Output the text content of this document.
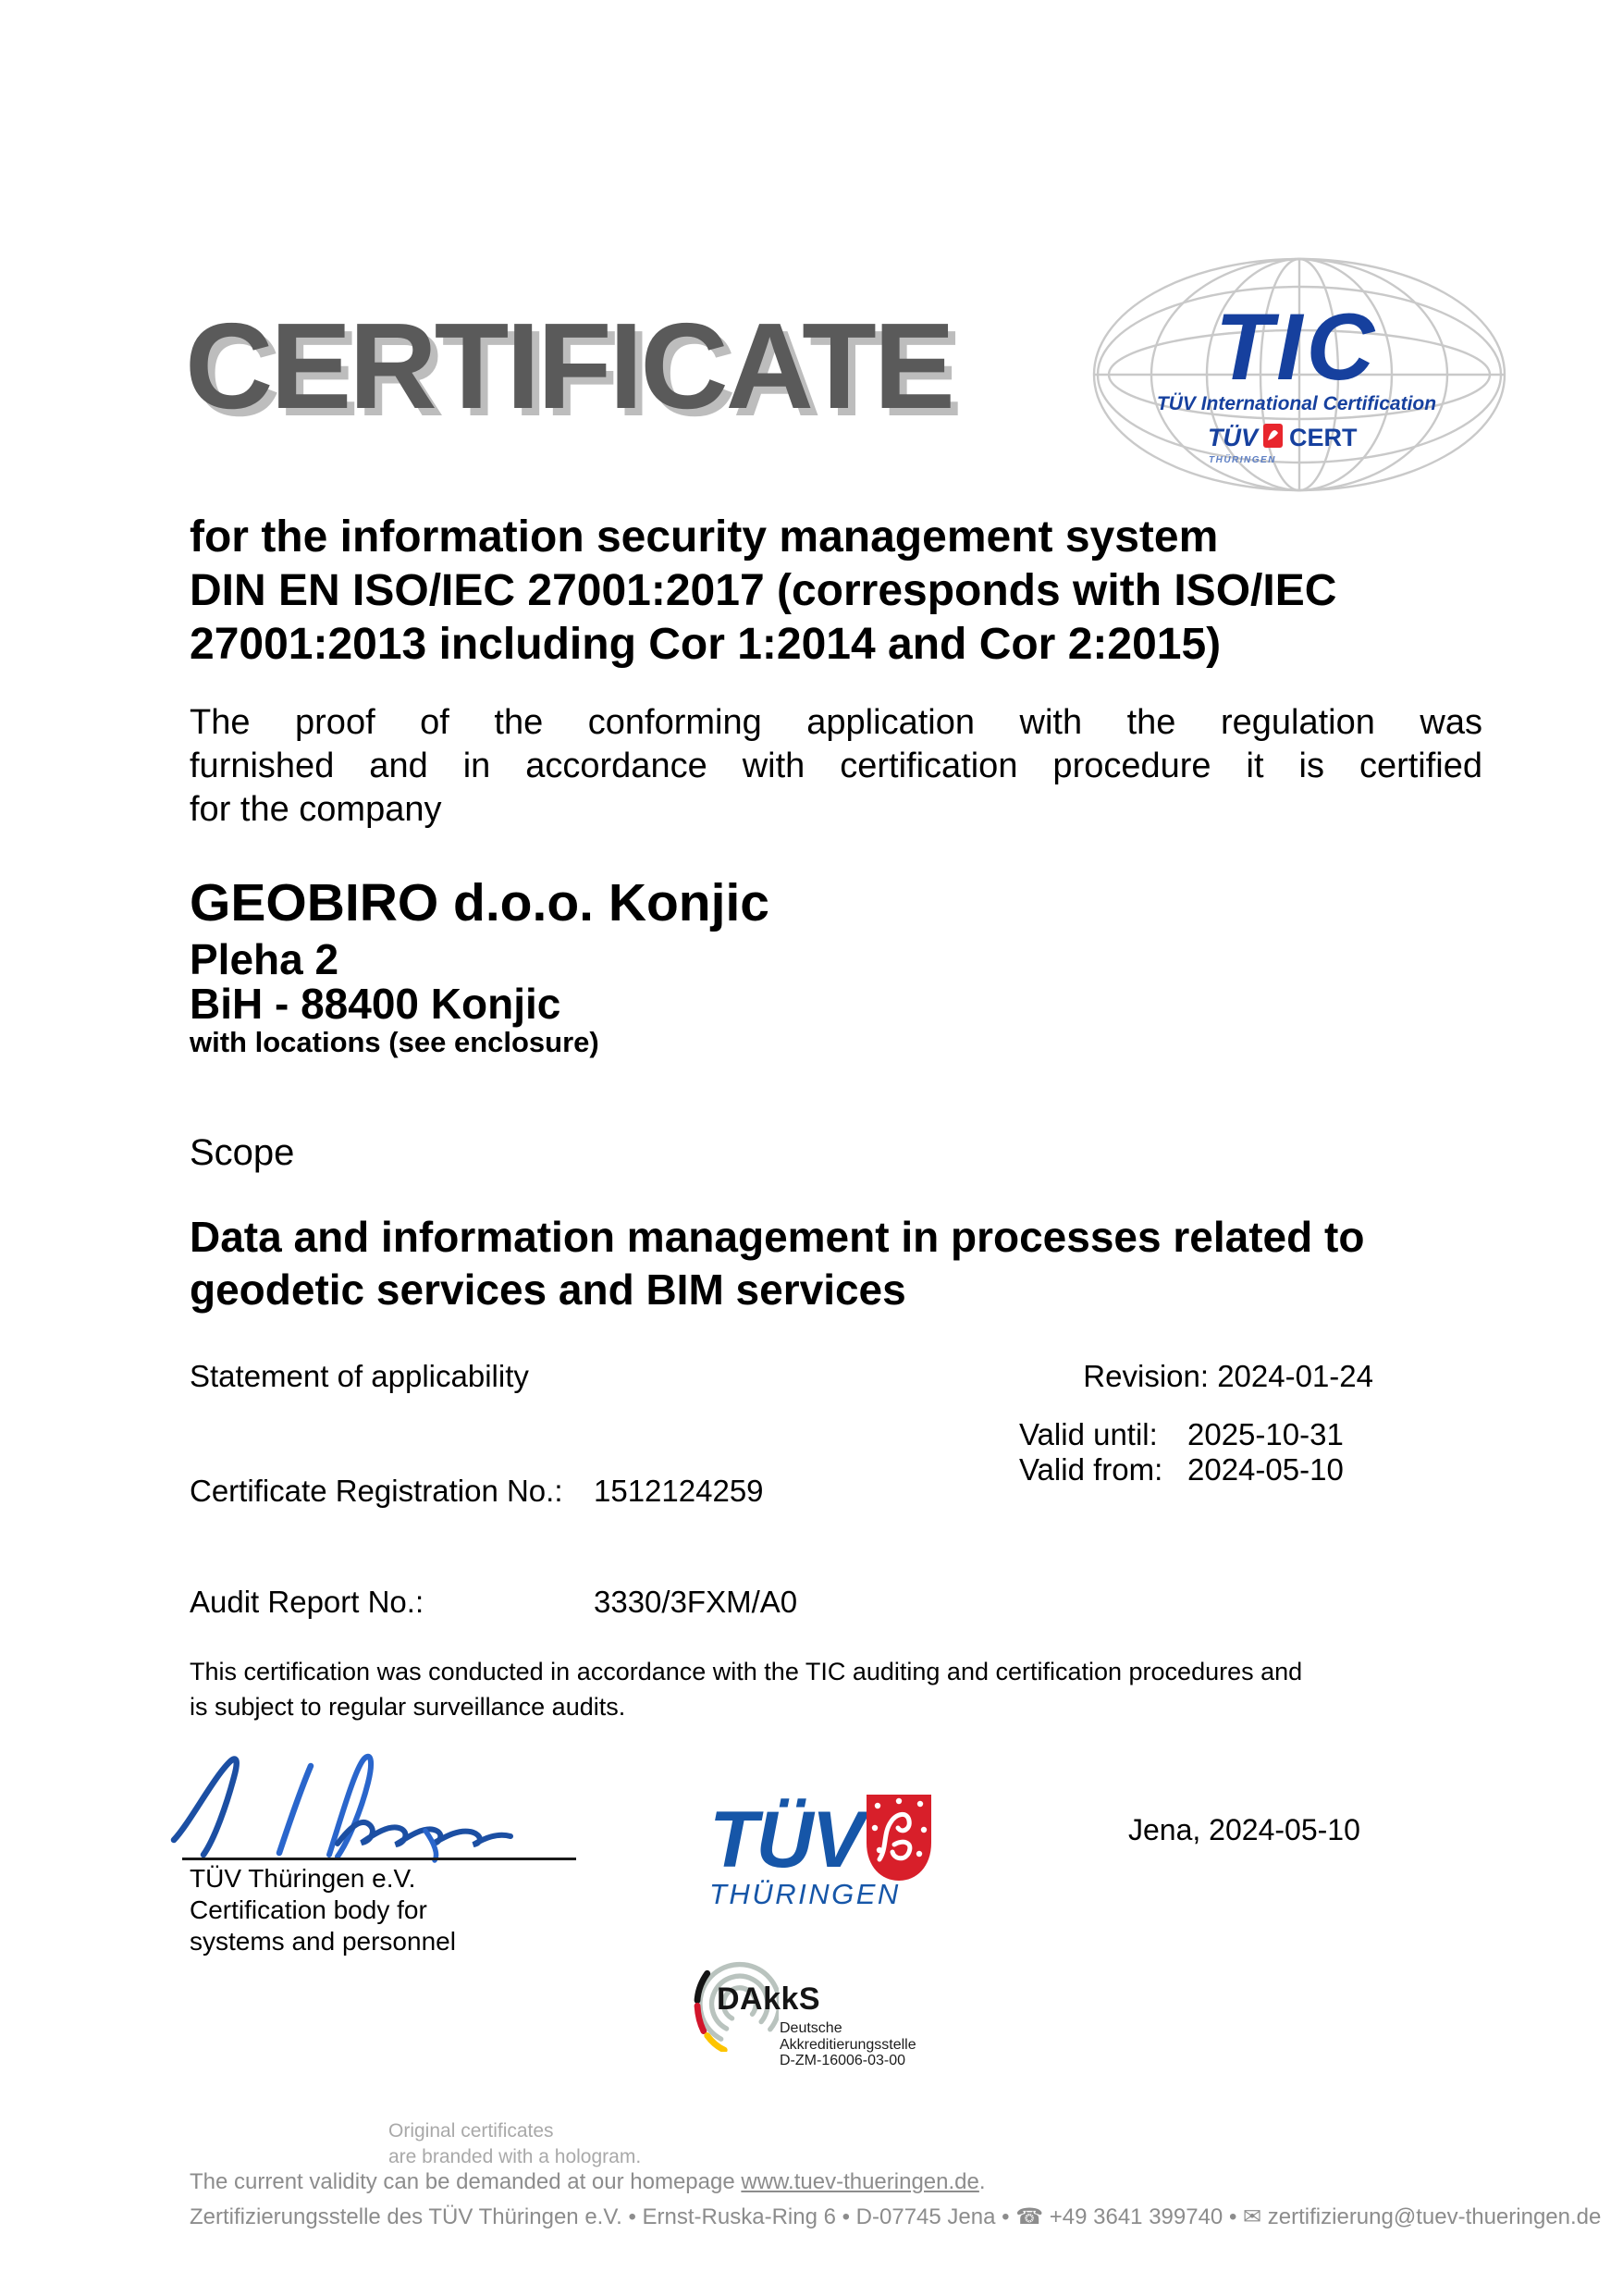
CERTIFICATE	TIC
TÜV International Certification
TÜV CERT
THÜRINGEN
for the information security management system
DIN EN ISO/IEC 27001:2017 (corresponds with ISO/IEC
27001:2013 including Cor 1:2014 and Cor 2:2015)
The proof of the conforming application with the regulation was
furnished and in accordance with certification procedure it is certified
for the company
GEOBIRO d.o.o. Konjic
Pleha 2
BiH - 88400 Konjic
with locations (see enclosure)
Scope
Data and information management in processes related to
geodetic services and BIM services
Statement of applicability	Revision: 2024-01-24
Valid until: 2025-10-31
Valid from: 2024-05-10
Certificate Registration No.: 1512124259
Audit Report No.:	3330/3FXM/A0
This certification was conducted in accordance with the TIC auditing and certification procedures and
is subject to regular surveillance audits.
TÜV Thüringen e.V.
Certification body for
systems and personnel
TÜV
THÜRINGEN
Jena, 2024-05-10
DAkkS
Deutsche
Akkreditierungsstelle
D-ZM-16006-03-00
Original certificates
are branded with a hologram.
The current validity can be demanded at our homepage www.tuev-thueringen.de.
Zertifizierungsstelle des TÜV Thüringen e.V. • Ernst-Ruska-Ring 6 • D-07745 Jena • ☎ +49 3641 399740 • ✉ zertifizierung@tuev-thueringen.de
